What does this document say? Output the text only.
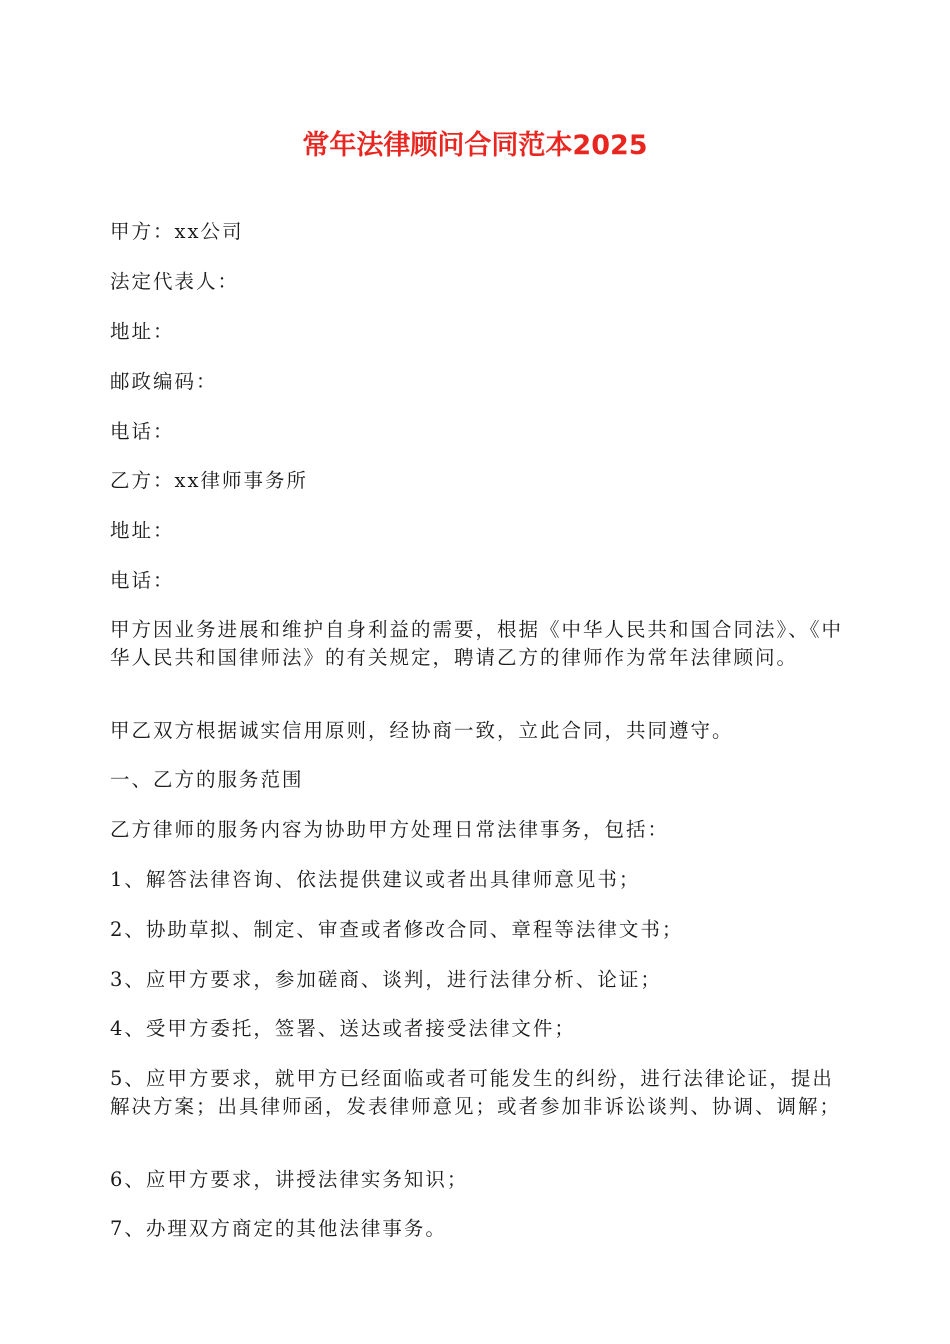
常年法律顾问合同范本2025

甲方：xx公司

法定代表人：

地址：

邮政编码：

电话：

乙方：xx律师事务所

地址：

电话：

甲方因业务进展和维护自身利益的需要，根据《中华人民共和国合同法》、《中华人民共和国律师法》的有关规定，聘请乙方的律师作为常年法律顾问。

甲乙双方根据诚实信用原则，经协商一致，立此合同，共同遵守。

一、乙方的服务范围

乙方律师的服务内容为协助甲方处理日常法律事务，包括：

1、解答法律咨询、依法提供建议或者出具律师意见书；

2、协助草拟、制定、审查或者修改合同、章程等法律文书；

3、应甲方要求，参加磋商、谈判，进行法律分析、论证；

4、受甲方委托，签署、送达或者接受法律文件；

5、应甲方要求，就甲方已经面临或者可能发生的纠纷，进行法律论证，提出解决方案；出具律师函，发表律师意见；或者参加非诉讼谈判、协调、调解；

6、应甲方要求，讲授法律实务知识；

7、办理双方商定的其他法律事务。
